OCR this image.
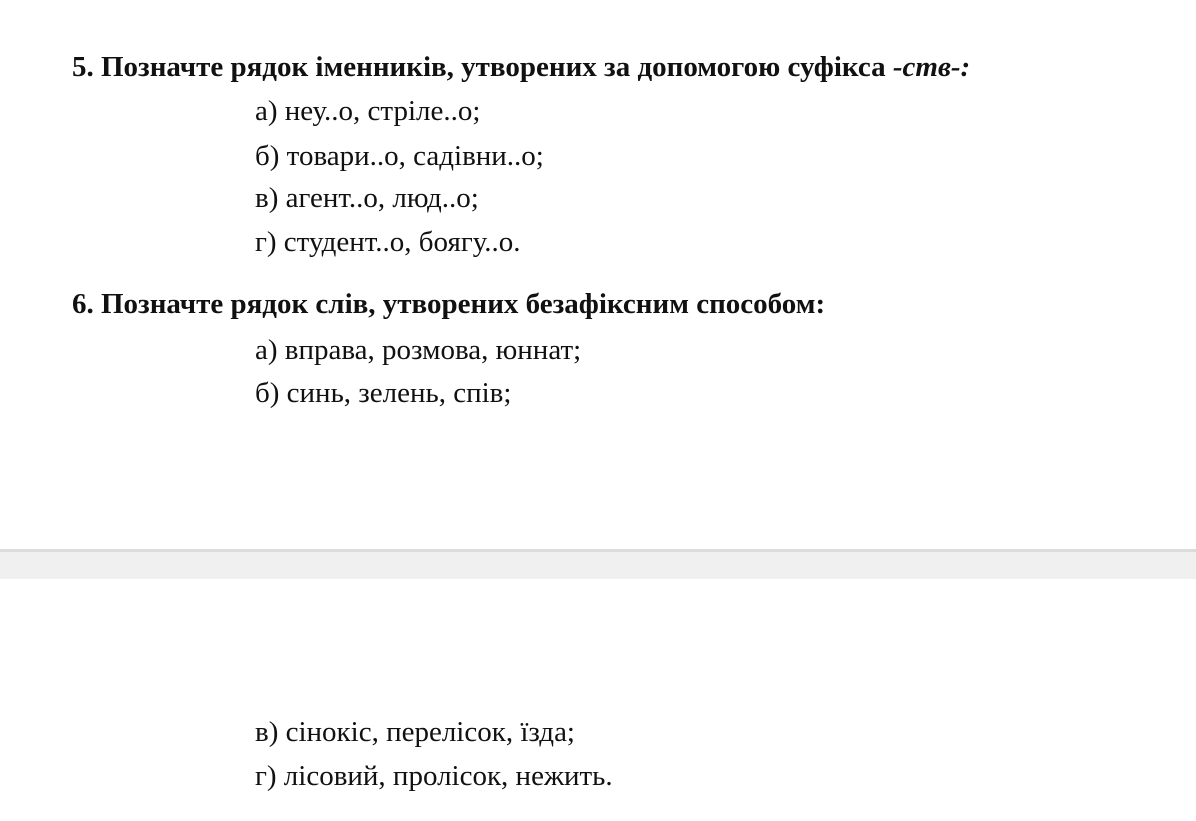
5. Позначте рядок іменників, утворених за допомогою суфікса -ств-:

а) неу..о, стріле..о;

б) товари..о, садівни..о;

в) агент..о, люд..о;

г) студент..о, боягу..о.

6. Позначте рядок слів, утворених безафіксним способом:

а) вправа, розмова, юннат;

б) синь, зелень, спів;

в) сінокіс, перелісок, їзда;

г) лісовий, пролісок, нежить.
